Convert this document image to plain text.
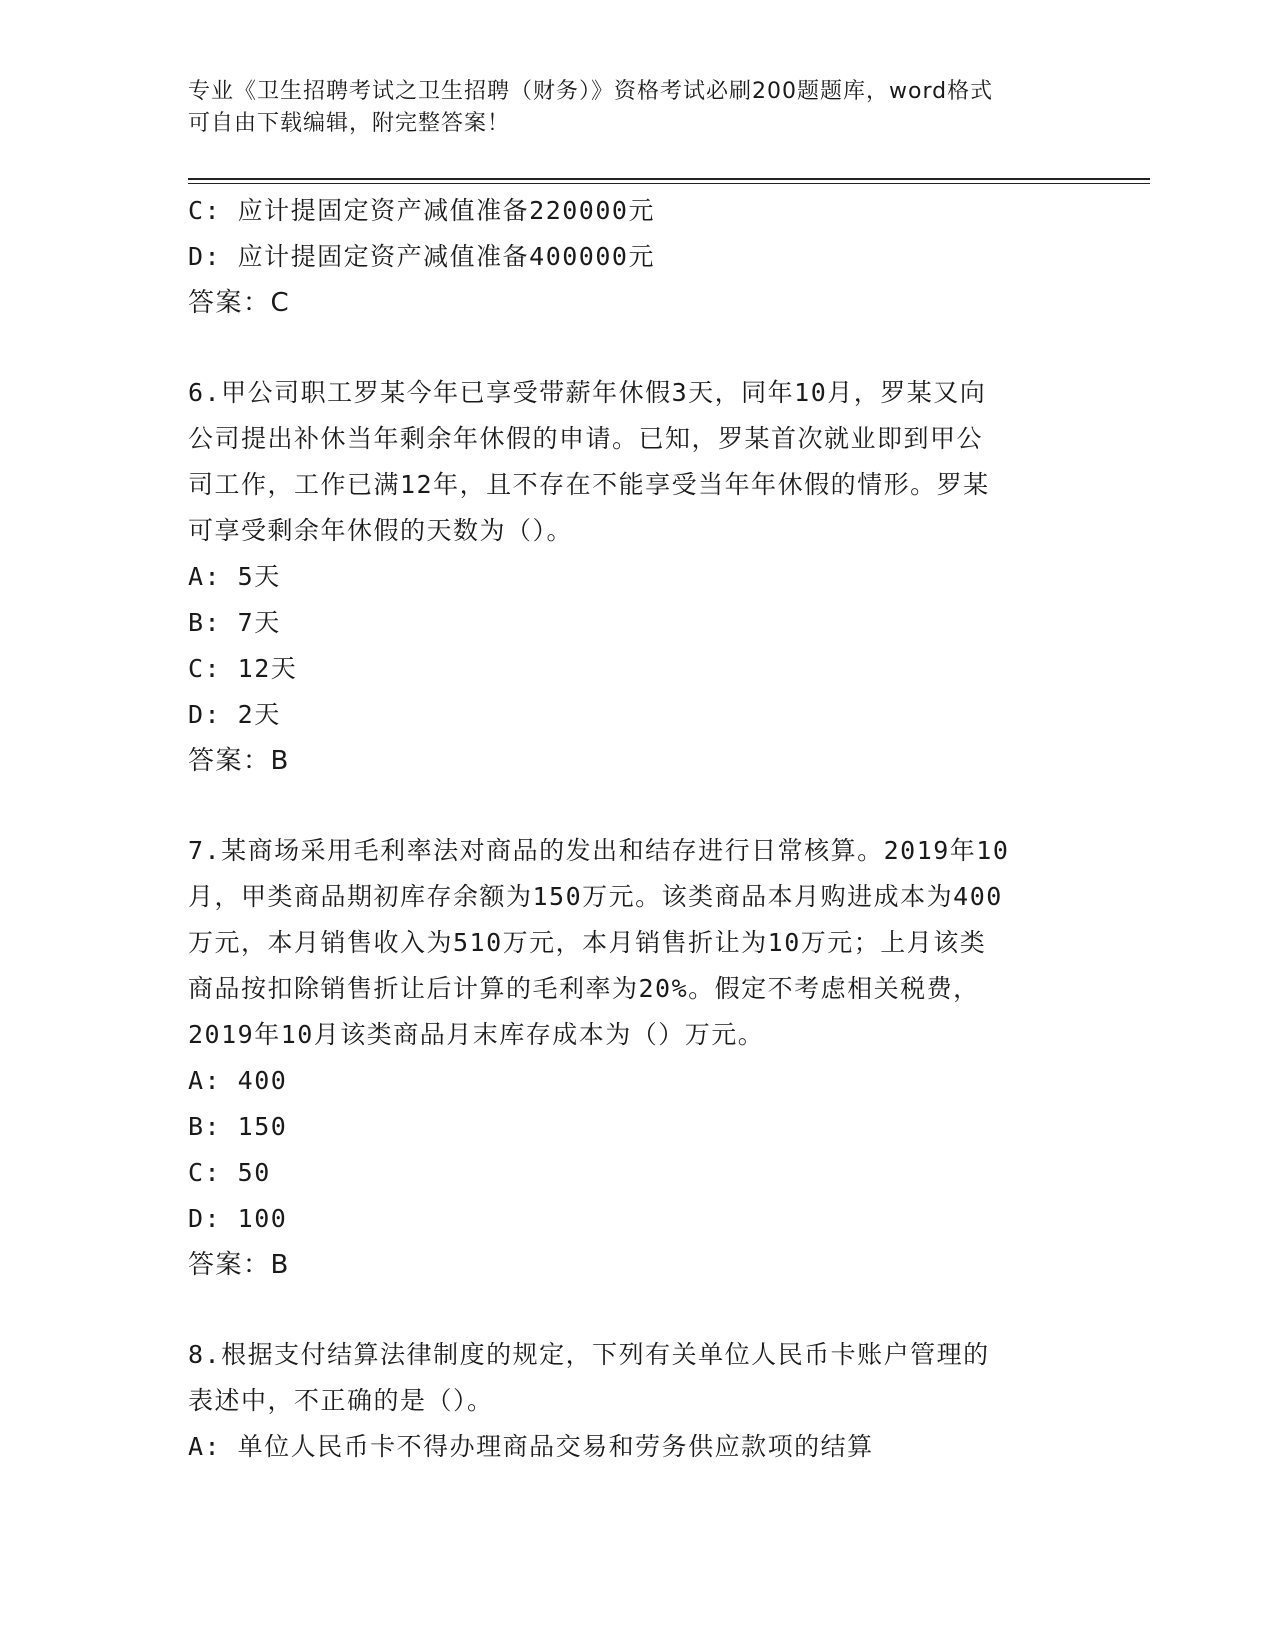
专业《卫生招聘考试之卫生招聘（财务）》资格考试必刷200题题库，word格式
可自由下载编辑，附完整答案！
C: 应计提固定资产减值准备220000元
D: 应计提固定资产减值准备400000元
答案：C
6.甲公司职工罗某今年已享受带薪年休假3天，同年10月，罗某又向
公司提出补休当年剩余年休假的申请。已知，罗某首次就业即到甲公
司工作，工作已满12年，且不存在不能享受当年年休假的情形。罗某
可享受剩余年休假的天数为（）。
A: 5天
B: 7天
C: 12天
D: 2天
答案：B
7.某商场采用毛利率法对商品的发出和结存进行日常核算。2019年10
月，甲类商品期初库存余额为150万元。该类商品本月购进成本为400
万元，本月销售收入为510万元，本月销售折让为10万元；上月该类
商品按扣除销售折让后计算的毛利率为20%。假定不考虑相关税费，
2019年10月该类商品月末库存成本为（）万元。
A: 400
B: 150
C: 50
D: 100
答案：B
8.根据支付结算法律制度的规定，下列有关单位人民币卡账户管理的
表述中，不正确的是（）。
A: 单位人民币卡不得办理商品交易和劳务供应款项的结算
